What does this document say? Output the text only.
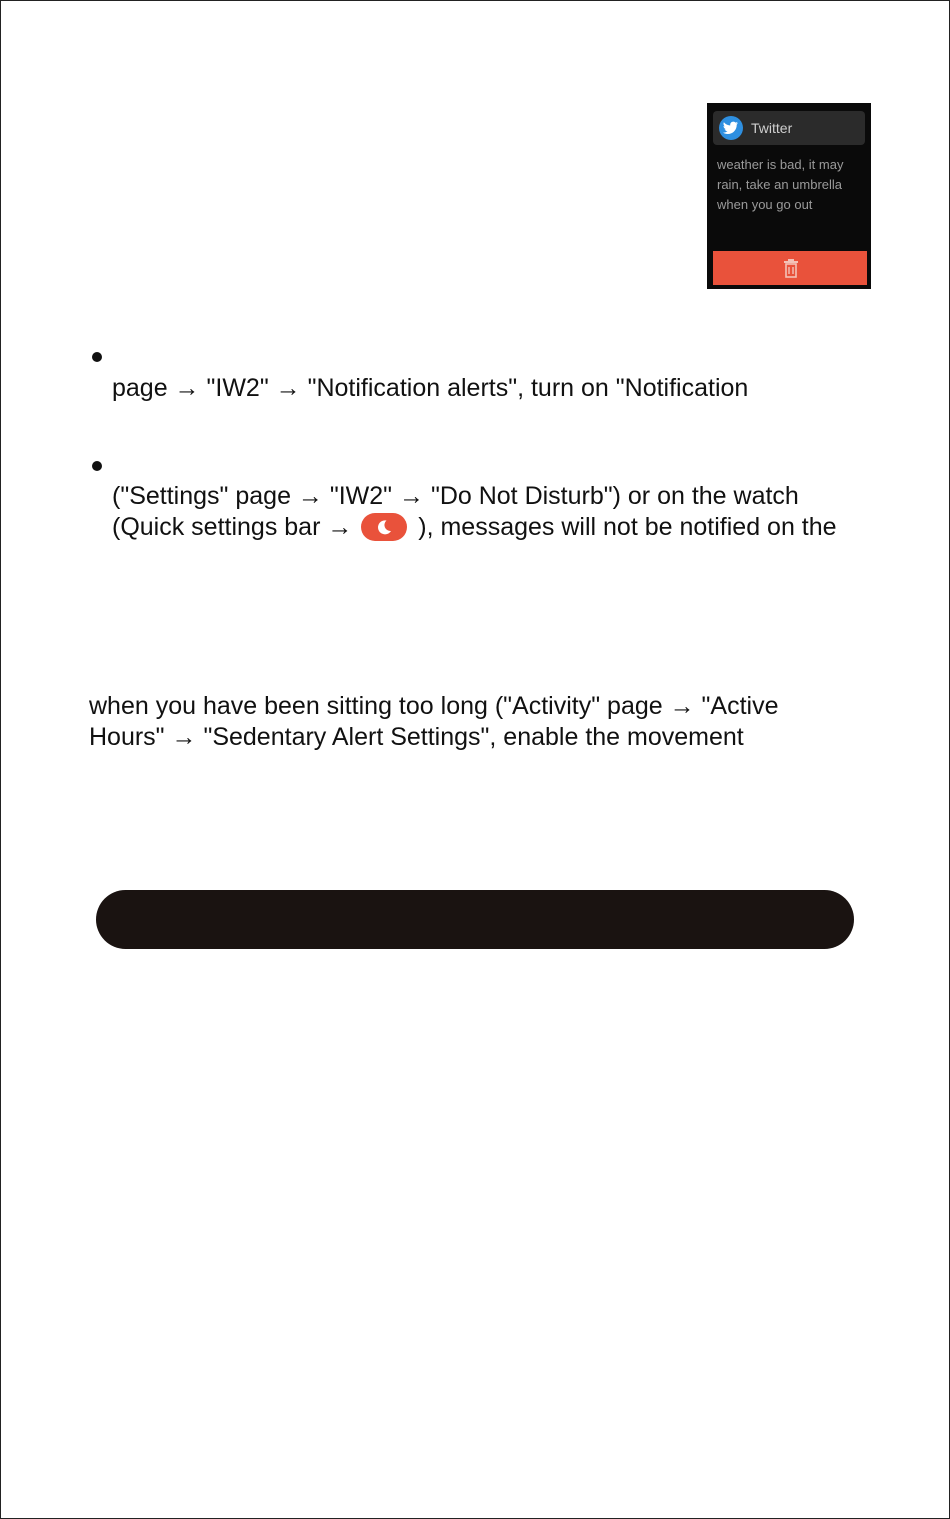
Twitter
weather is bad, it may rain, take an umbrella when you go out
page → "IW2" → "Notification alerts", turn on "Notification
("Settings" page → "IW2" → "Do Not Disturb") or on the watch
(Quick settings bar →	), messages will not be notified on the
when you have been sitting too long ("Activity" page → "Active
Hours" → "Sedentary Alert Settings", enable the movement
